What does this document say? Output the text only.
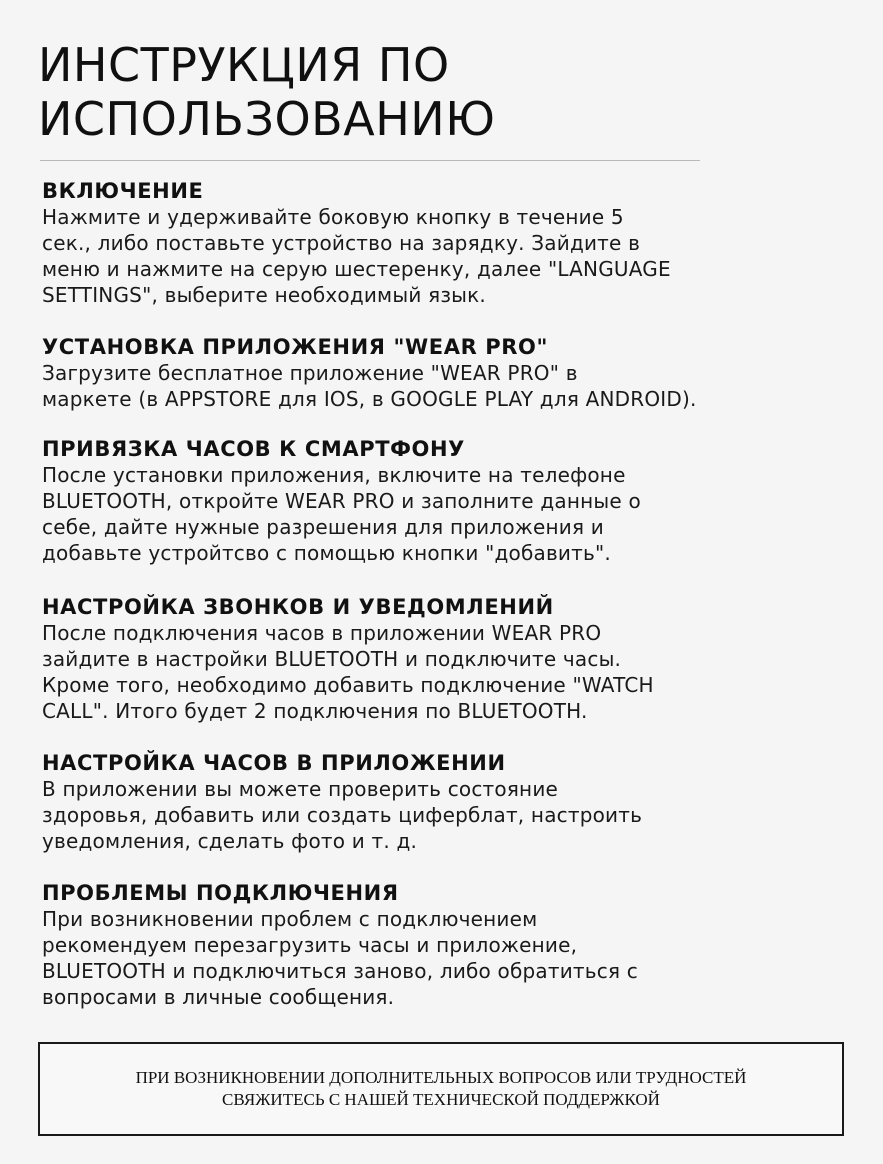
ИНСТРУКЦИЯ ПО
ИСПОЛЬЗОВАНИЮ
ВКЛЮЧЕНИЕ

Нажмите и удерживайте боковую кнопку в течение 5
сек., либо поставьте устройство на зарядку. Зайдите в
меню и нажмите на серую шестеренку, далее "LANGUAGE
SETTINGS", выберите необходимый язык.

УСТАНОВКА ПРИЛОЖЕНИЯ "WEAR PRO"

Загрузите бесплатное приложение "WEAR PRO" в
маркете (в APPSTORE для IOS, в GOOGLE PLAY для ANDROID).

ПРИВЯЗКА ЧАСОВ К СМАРТФОНУ

После установки приложения, включите на телефоне
BLUETOOTH, откройте WEAR PRO и заполните данные о
себе, дайте нужные разрешения для приложения и
добавьте устройтсво с помощью кнопки "добавить".

НАСТРОЙКА ЗВОНКОВ И УВЕДОМЛЕНИЙ

После подключения часов в приложении WEAR PRO
зайдите в настройки BLUETOOTH и подключите часы.
Кроме того, необходимо добавить подключение "WATCH
CALL". Итого будет 2 подключения по BLUETOOTH.

НАСТРОЙКА ЧАСОВ В ПРИЛОЖЕНИИ

В приложении вы можете проверить состояние
здоровья, добавить или создать циферблат, настроить
уведомления, сделать фото и т. д.

ПРОБЛЕМЫ ПОДКЛЮЧЕНИЯ

При возникновении проблем с подключением
рекомендуем перезагрузить часы и приложение,
BLUETOOTH и подключиться заново, либо обратиться с
вопросами в личные сообщения.

ПРИ ВОЗНИКНОВЕНИИ ДОПОЛНИТЕЛЬНЫХ ВОПРОСОВ ИЛИ ТРУДНОСТЕЙ
СВЯЖИТЕСЬ С НАШЕЙ ТЕХНИЧЕСКОЙ ПОДДЕРЖКОЙ
